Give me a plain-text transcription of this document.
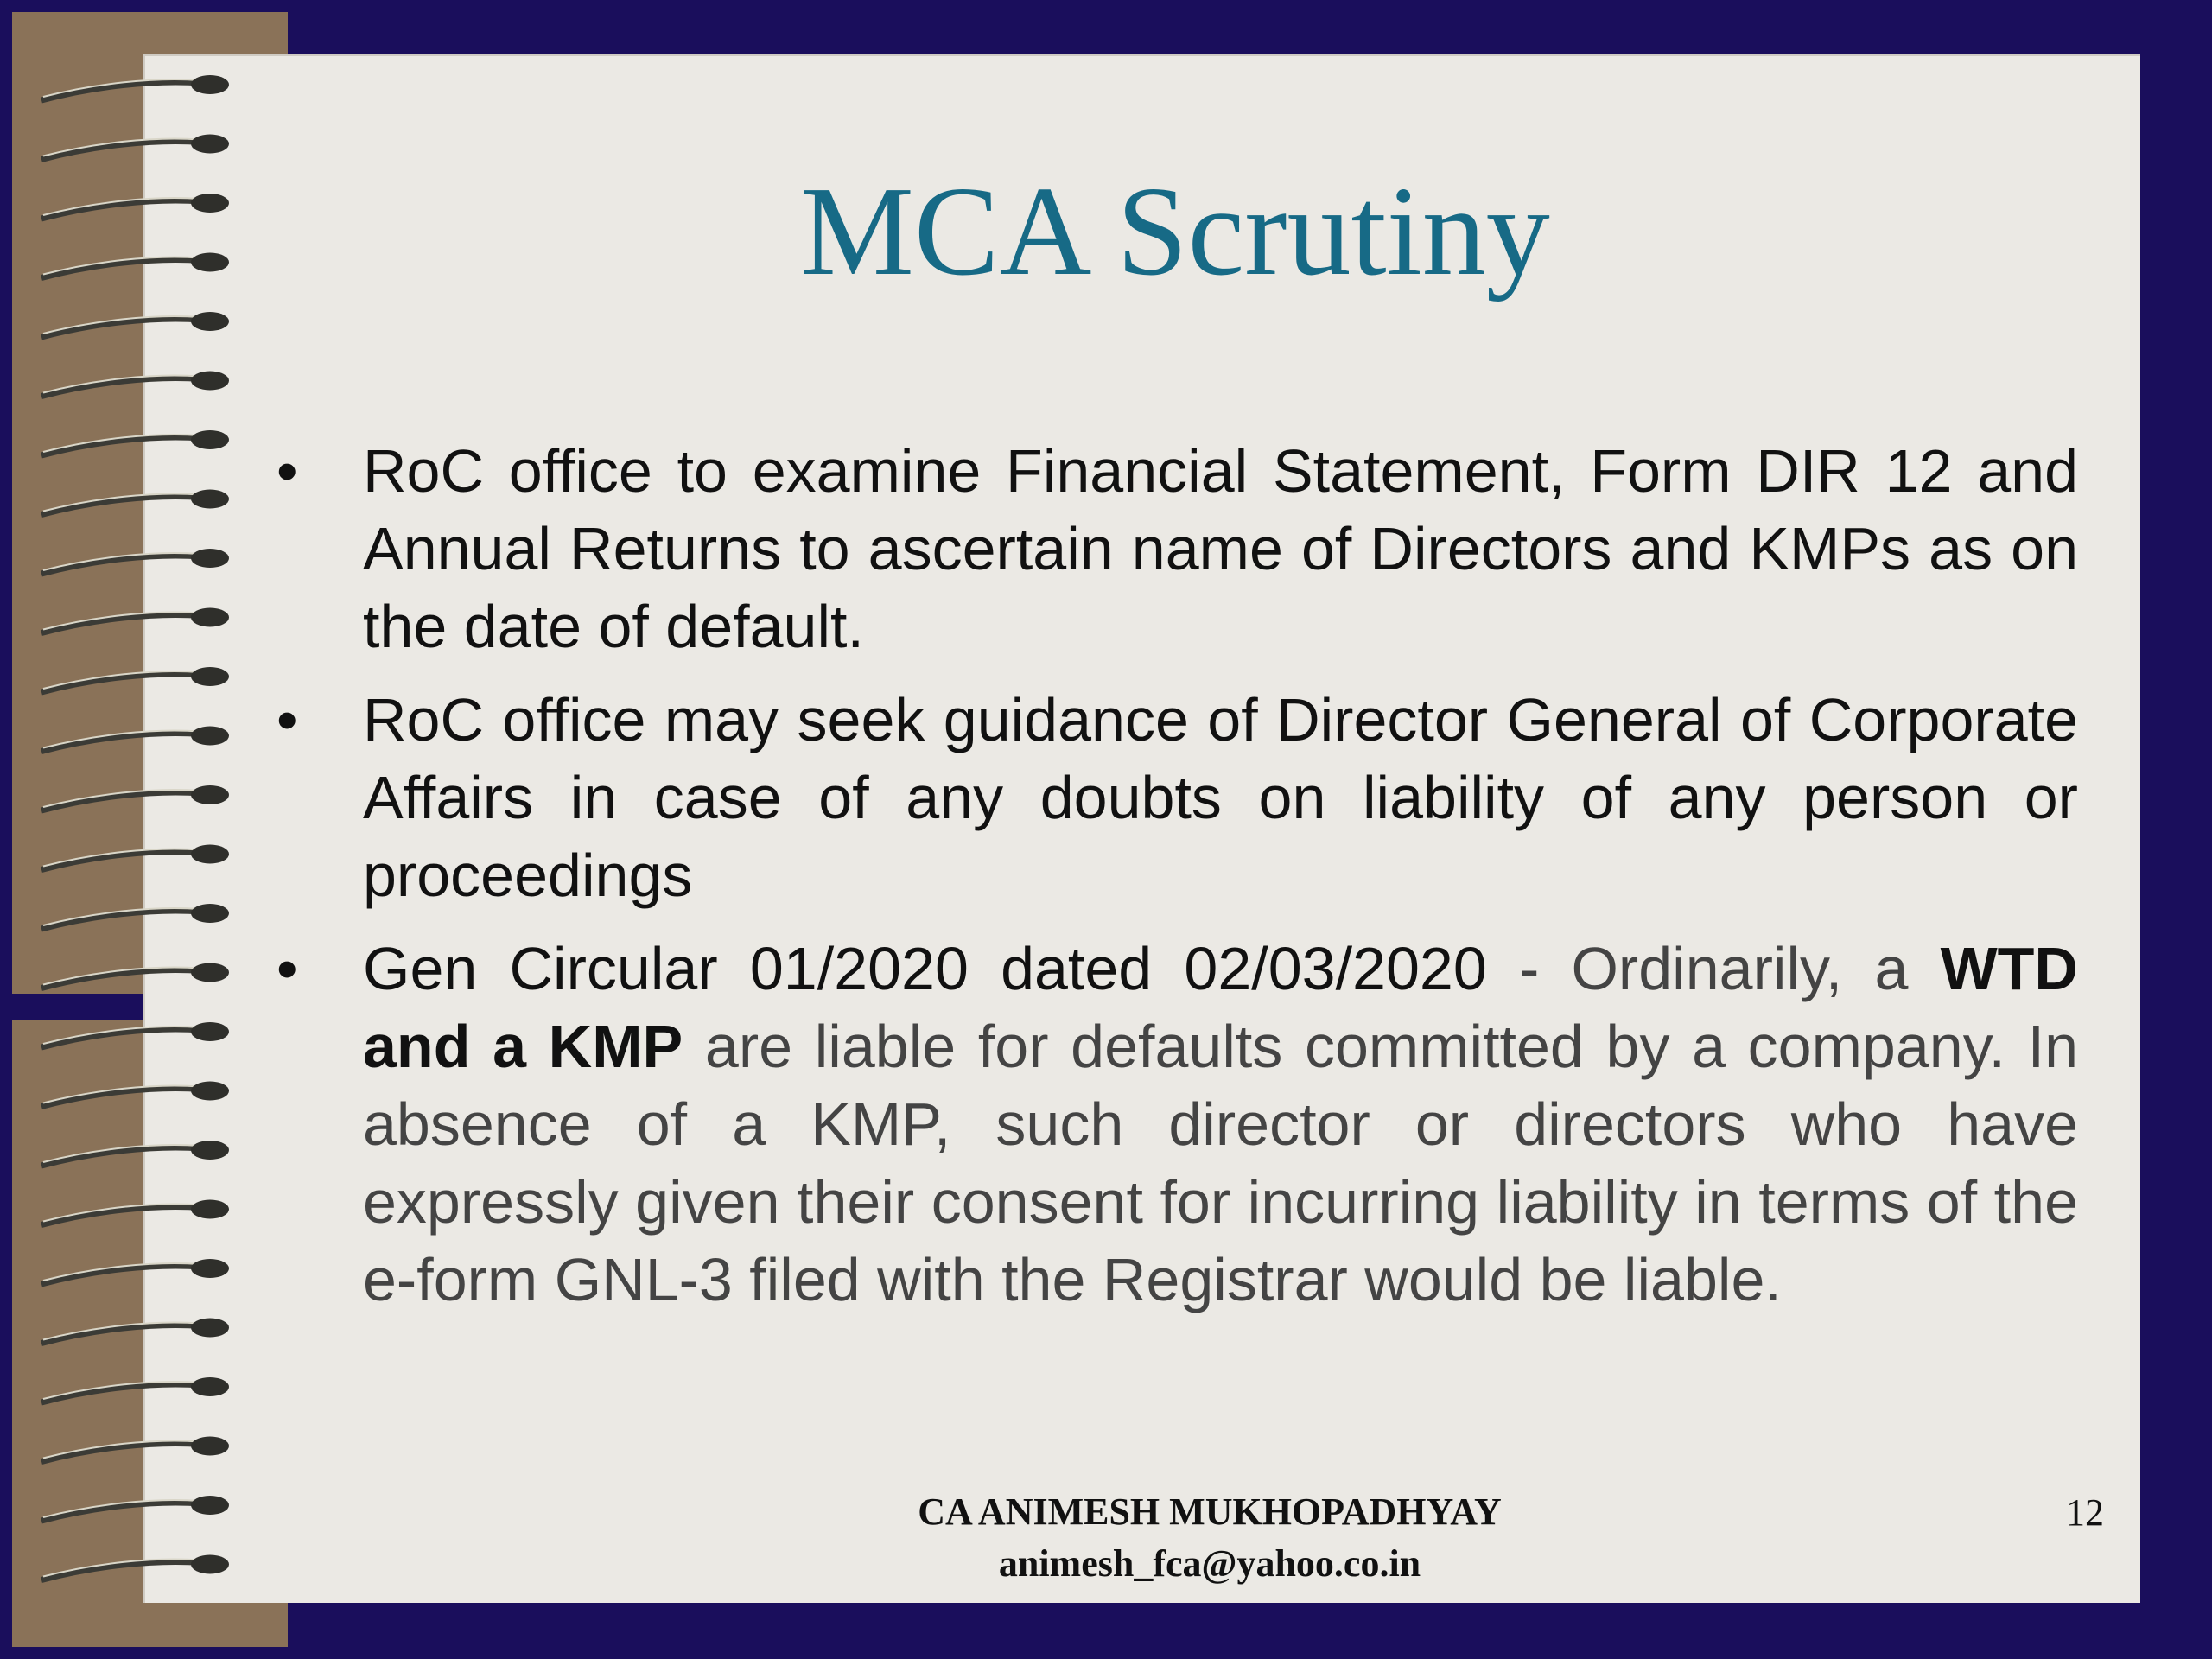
MCA Scrutiny
• RoC office to examine Financial Statement, Form DIR 12 and Annual Returns to ascertain name of Directors and KMPs as on the date of default.
• RoC office may seek guidance of Director General of Corporate Affairs in case of any doubts on liability of any person or proceedings
• Gen Circular 01/2020 dated 02/03/2020 - Ordinarily, a WTD and a KMP are liable for defaults committed by a company. In absence of a KMP, such director or directors who have expressly given their consent for incurring liability in terms of the e-form GNL-3 filed with the Registrar would be liable.
CA ANIMESH MUKHOPADHYAY
animesh_fca@yahoo.co.in
12
